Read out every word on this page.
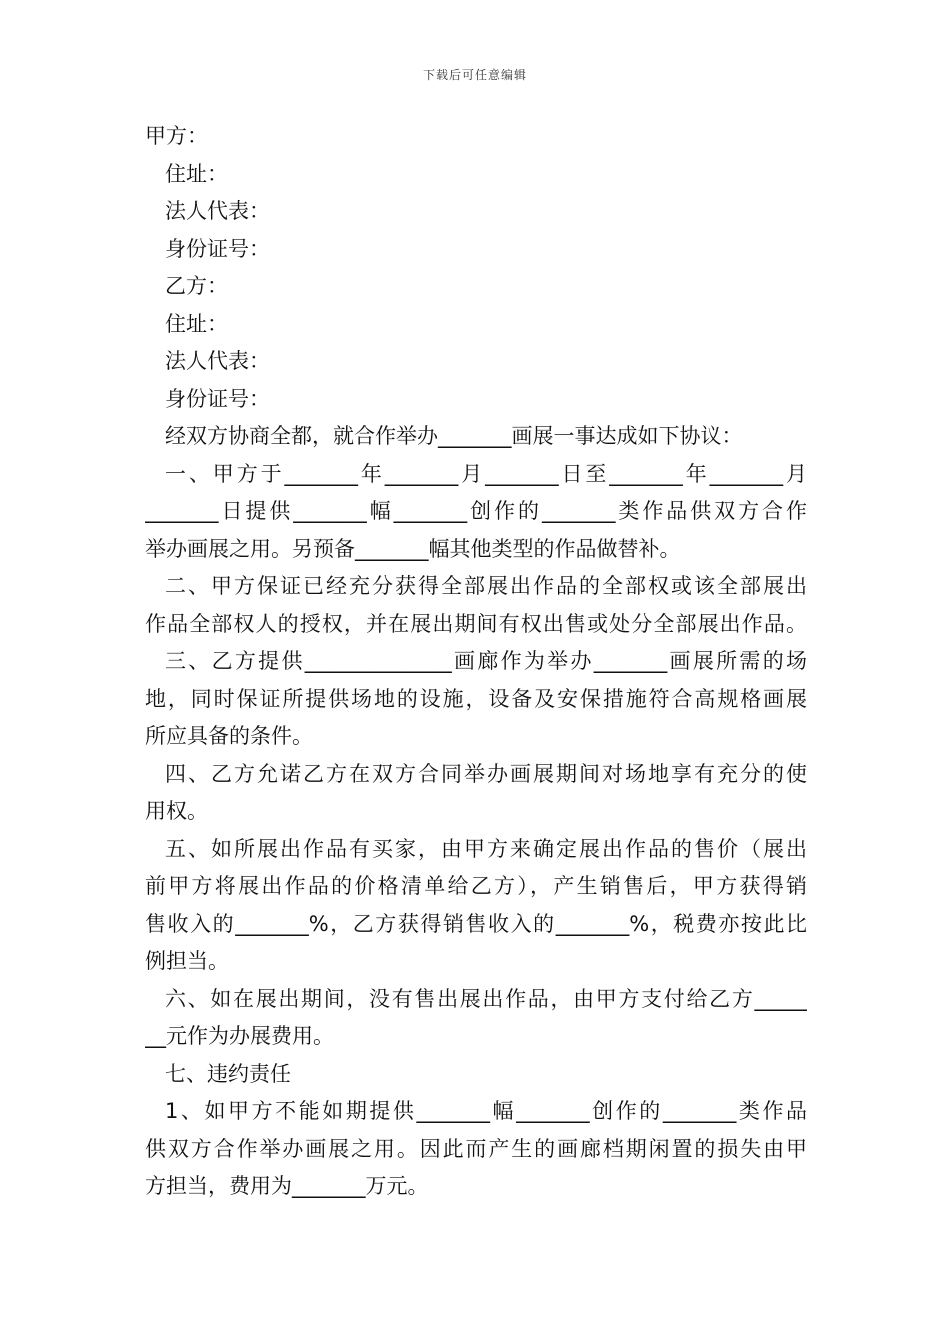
下载后可任意编辑
甲方：
住址：
法人代表：
身份证号：
乙方：
住址：
法人代表：
身份证号：
经双方协商全都，就合作举办_______画展一事达成如下协议：
一、甲方于_______年_______月_______日至_______年_______月
_______日提供_______幅_______创作的_______类作品供双方合作
举办画展之用。另预备_______幅其他类型的作品做替补。
二、甲方保证已经充分获得全部展出作品的全部权或该全部展出
作品全部权人的授权，并在展出期间有权出售或处分全部展出作品。
三、乙方提供______________画廊作为举办_______画展所需的场
地，同时保证所提供场地的设施，设备及安保措施符合高规格画展
所应具备的条件。
四、乙方允诺乙方在双方合同举办画展期间对场地享有充分的使
用权。
五、如所展出作品有买家，由甲方来确定展出作品的售价（展出
前甲方将展出作品的价格清单给乙方），产生销售后，甲方获得销
售收入的_______%，乙方获得销售收入的_______%，税费亦按此比
例担当。
六、如在展出期间，没有售出展出作品，由甲方支付给乙方_____
__元作为办展费用。
七、违约责任
1、如甲方不能如期提供_______幅_______创作的_______类作品
供双方合作举办画展之用。因此而产生的画廊档期闲置的损失由甲
方担当，费用为_______万元。
